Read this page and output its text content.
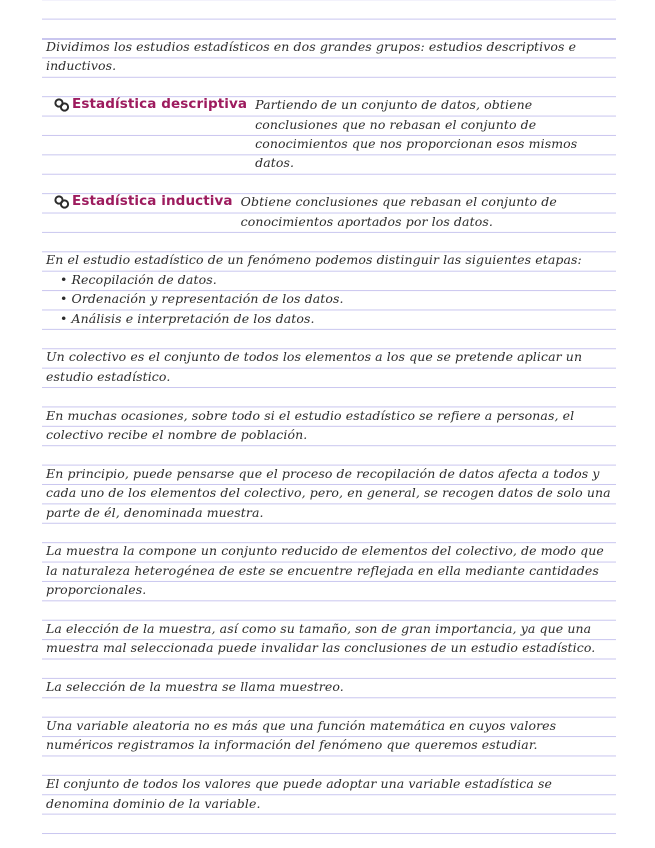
Dividimos los estudios estadísticos en dos grandes grupos: estudios descriptivos e inductivos.

Estadística descriptiva Partiendo de un conjunto de datos, obtiene conclusiones que no rebasan el conjunto de conocimientos que nos proporcionan esos mismos datos.
Estadística inductiva Obtiene conclusiones que rebasan el conjunto de conocimientos aportados por los datos.
En el estudio estadístico de un fenómeno podemos distinguir las siguientes etapas:
• Recopilación de datos.
• Ordenación y representación de los datos.
• Análisis e interpretación de los datos.

Un colectivo es el conjunto de todos los elementos a los que se pretende aplicar un estudio estadístico.

En muchas ocasiones, sobre todo si el estudio estadístico se refiere a personas, el colectivo recibe el nombre de población.

En principio, puede pensarse que el proceso de recopilación de datos afecta a todos y cada uno de los elementos del colectivo, pero, en general, se recogen datos de solo una parte de él, denominada muestra.

La muestra la compone un conjunto reducido de elementos del colectivo, de modo que la naturaleza heterogénea de este se encuentre reflejada en ella mediante cantidades proporcionales.

La elección de la muestra, así como su tamaño, son de gran importancia, ya que una muestra mal seleccionada puede invalidar las conclusiones de un estudio estadístico.

La selección de la muestra se llama muestreo.

Una variable aleatoria no es más que una función matemática en cuyos valores numéricos registramos la información del fenómeno que queremos estudiar.

El conjunto de todos los valores que puede adoptar una variable estadística se denomina dominio de la variable.
